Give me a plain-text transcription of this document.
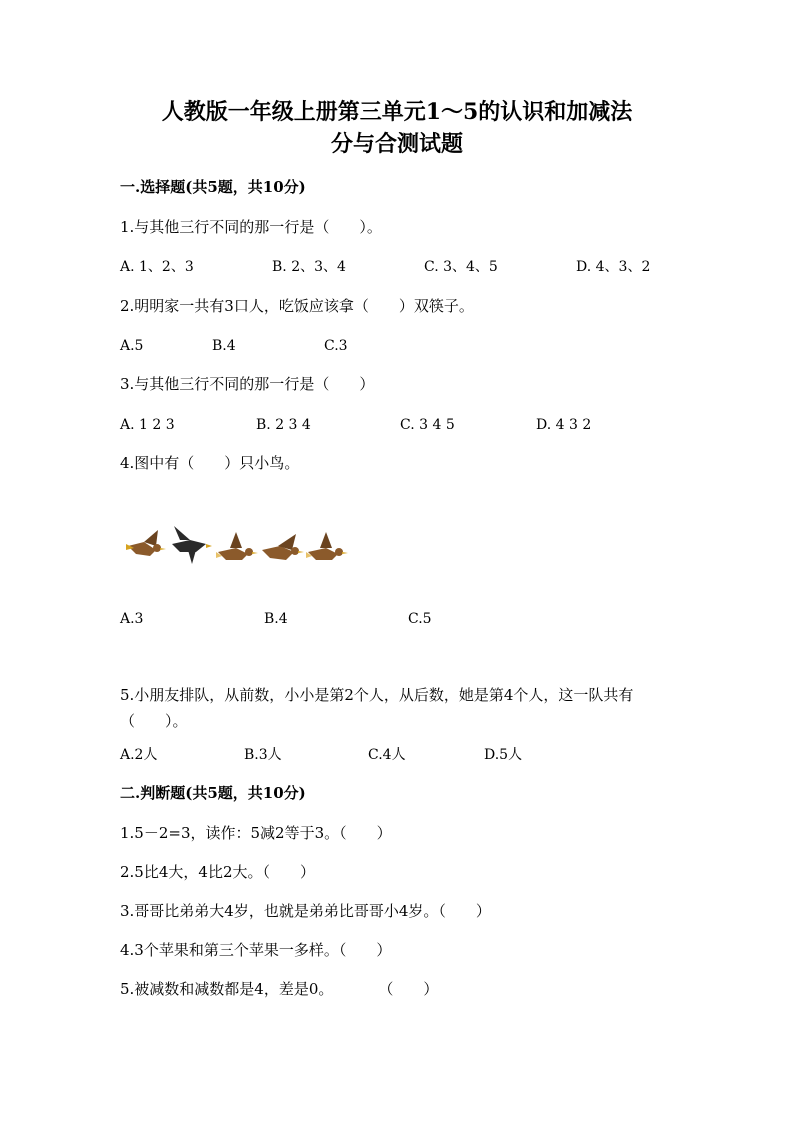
人教版一年级上册第三单元1～5的认识和加减法
分与合测试题
一.选择题(共5题，共10分)
1.与其他三行不同的那一行是（　　）。
A. 1、2、3	B. 2、3、4	C. 3、4、5	D. 4、3、2
2.明明家一共有3口人，吃饭应该拿（　　）双筷子。
A.5	B.4	C.3
3.与其他三行不同的那一行是（　　）
A. 1 2 3	B. 2 3 4	C. 3 4 5	D. 4 3 2
4.图中有（　　）只小鸟。
A.3	B.4	C.5
5.小朋友排队，从前数，小小是第2个人，从后数，她是第4个人，这一队共有（　　）。
A.2人	B.3人	C.4人	D.5人
二.判断题(共5题，共10分)
1.5－2=3，读作：5减2等于3。（　　）
2.5比4大，4比2大。（　　）
3.哥哥比弟弟大4岁，也就是弟弟比哥哥小4岁。（　　）
4.3个苹果和第三个苹果一多样。（　　）
5.被减数和减数都是4，差是0。　　　　（　　）
